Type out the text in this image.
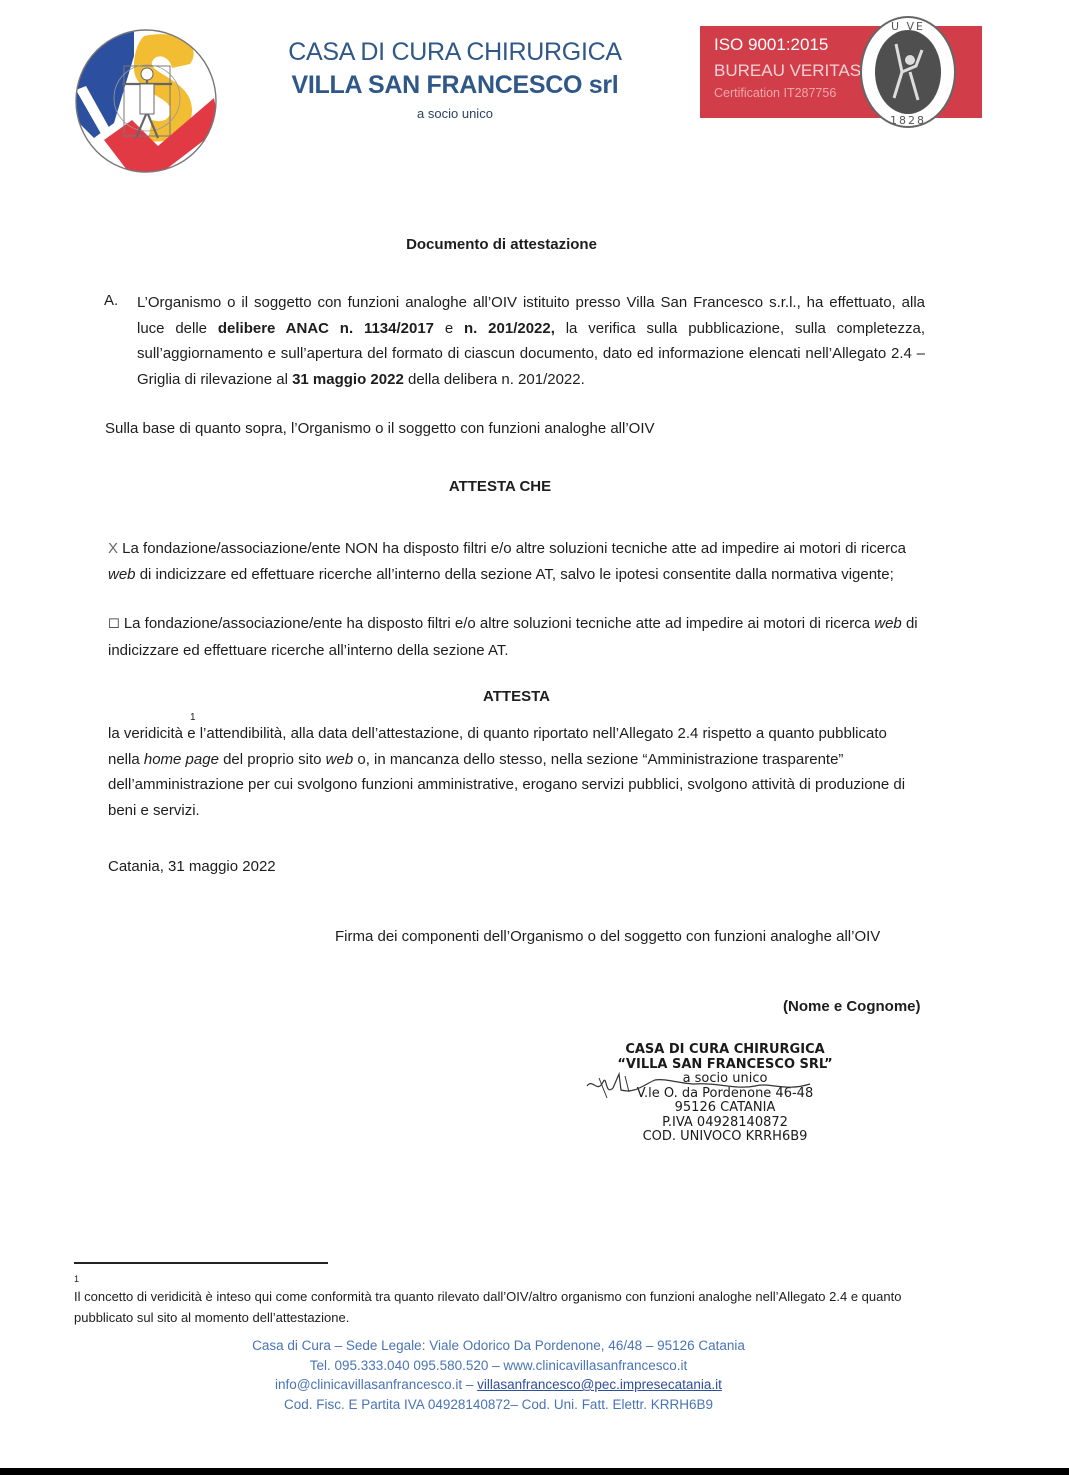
CASA DI CURA CHIRURGICA
VILLA SAN FRANCESCO srl
a socio unico
ISO 9001:2015
BUREAU VERITAS
Certification IT287756
U VE
1828
Documento di attestazione
A. L’Organismo o il soggetto con funzioni analoghe all’OIV istituito presso Villa San Francesco s.r.l., ha effettuato, alla luce delle delibere ANAC n. 1134/2017 e n. 201/2022, la verifica sulla pubblicazione, sulla completezza, sull’aggiornamento e sull’apertura del formato di ciascun documento, dato ed informazione elencati nell’Allegato 2.4 – Griglia di rilevazione al 31 maggio 2022 della delibera n. 201/2022.
Sulla base di quanto sopra, l’Organismo o il soggetto con funzioni analoghe all’OIV
ATTESTA CHE
X La fondazione/associazione/ente NON ha disposto filtri e/o altre soluzioni tecniche atte ad impedire ai motori di ricerca web di indicizzare ed effettuare ricerche all’interno della sezione AT, salvo le ipotesi consentite dalla normativa vigente;
☐ La fondazione/associazione/ente ha disposto filtri e/o altre soluzioni tecniche atte ad impedire ai motori di ricerca web di indicizzare ed effettuare ricerche all’interno della sezione AT.
ATTESTA
1
la veridicità e l’attendibilità, alla data dell’attestazione, di quanto riportato nell’Allegato 2.4 rispetto a quanto pubblicato nella home page del proprio sito web o, in mancanza dello stesso, nella sezione “Amministrazione trasparente” dell’amministrazione per cui svolgono funzioni amministrative, erogano servizi pubblici, svolgono attività di produzione di beni e servizi.
Catania, 31 maggio 2022
Firma dei componenti dell’Organismo o del soggetto con funzioni analoghe all’OIV
(Nome e Cognome)
CASA DI CURA CHIRURGICA
“VILLA SAN FRANCESCO SRL”
a socio unico
V.le O. da Pordenone 46-48
95126 CATANIA
P.IVA 04928140872
COD. UNIVOCO KRRH6B9
1
Il concetto di veridicità è inteso qui come conformità tra quanto rilevato dall’OIV/altro organismo con funzioni analoghe nell’Allegato 2.4 e quanto pubblicato sul sito al momento dell’attestazione.
Casa di Cura – Sede Legale: Viale Odorico Da Pordenone, 46/48 – 95126 Catania
Tel. 095.333.040 095.580.520 – www.clinicavillasanfrancesco.it
info@clinicavillasanfrancesco.it – villasanfrancesco@pec.impresecatania.it
Cod. Fisc. E Partita IVA 04928140872– Cod. Uni. Fatt. Elettr. KRRH6B9
